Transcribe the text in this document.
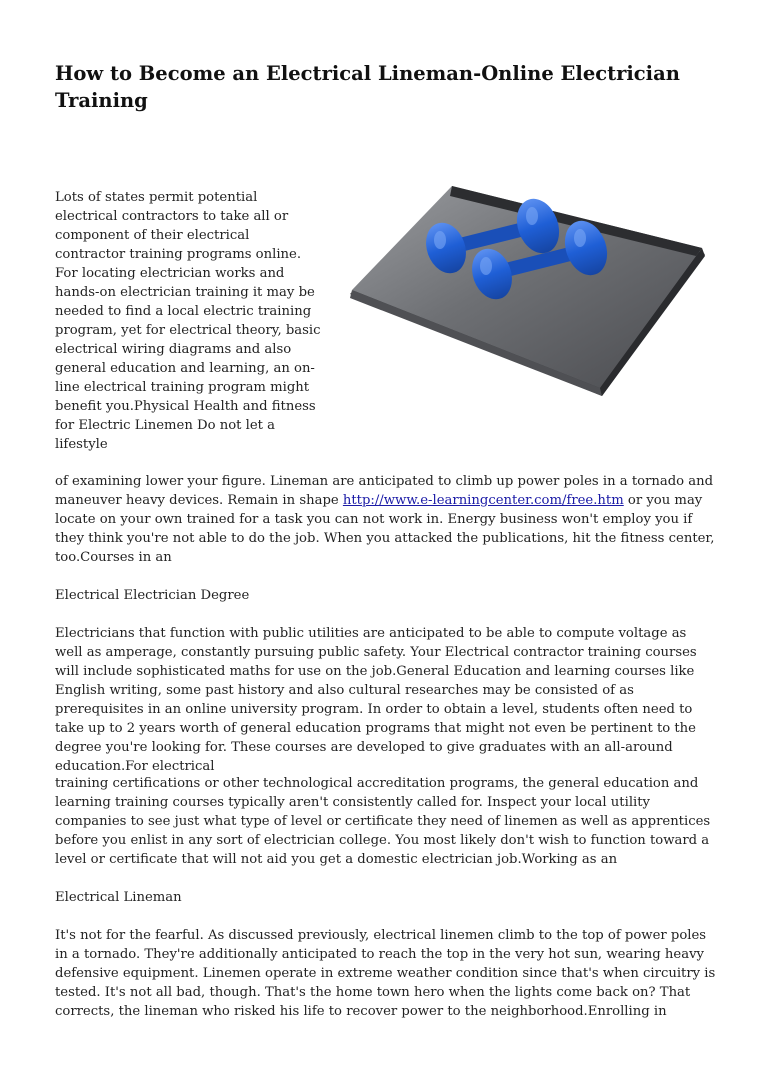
How to Become an Electrical Lineman-Online Electrician Training

Lots of states permit potential electrical contractors to take all or component of their electrical contractor training programs online. For locating electrician works and hands-on electrician training it may be needed to find a local electric training program, yet for electrical theory, basic electrical wiring diagrams and also general education and learning, an on-line electrical training program might benefit you.Physical Health and fitness for Electric Linemen Do not let a lifestyle

of examining lower your figure. Lineman are anticipated to climb up power poles in a tornado and maneuver heavy devices. Remain in shape http://www.e-learningcenter.com/free.htm or you may locate on your own trained for a task you can not work in. Energy business won't employ you if they think you're not able to do the job. When you attacked the publications, hit the fitness center, too.Courses in an

Electrical Electrician Degree

Electricians that function with public utilities are anticipated to be able to compute voltage as well as amperage, constantly pursuing public safety. Your Electrical contractor training courses will include sophisticated maths for use on the job.General Education and learning courses like English writing, some past history and also cultural researches may be consisted of as prerequisites in an online university program. In order to obtain a level, students often need to take up to 2 years worth of general education programs that might not even be pertinent to the degree you're looking for. These courses are developed to give graduates with an all-around education.For electrical

training certifications or other technological accreditation programs, the general education and learning training courses typically aren't consistently called for. Inspect your local utility companies to see just what type of level or certificate they need of linemen as well as apprentices before you enlist in any sort of electrician college. You most likely don't wish to function toward a level or certificate that will not aid you get a domestic electrician job.Working as an

Electrical Lineman

It's not for the fearful. As discussed previously, electrical linemen climb to the top of power poles in a tornado. They're additionally anticipated to reach the top in the very hot sun, wearing heavy defensive equipment. Linemen operate in extreme weather condition since that's when circuitry is tested. It's not all bad, though. That's the home town hero when the lights come back on? That corrects, the lineman who risked his life to recover power to the neighborhood.Enrolling in
